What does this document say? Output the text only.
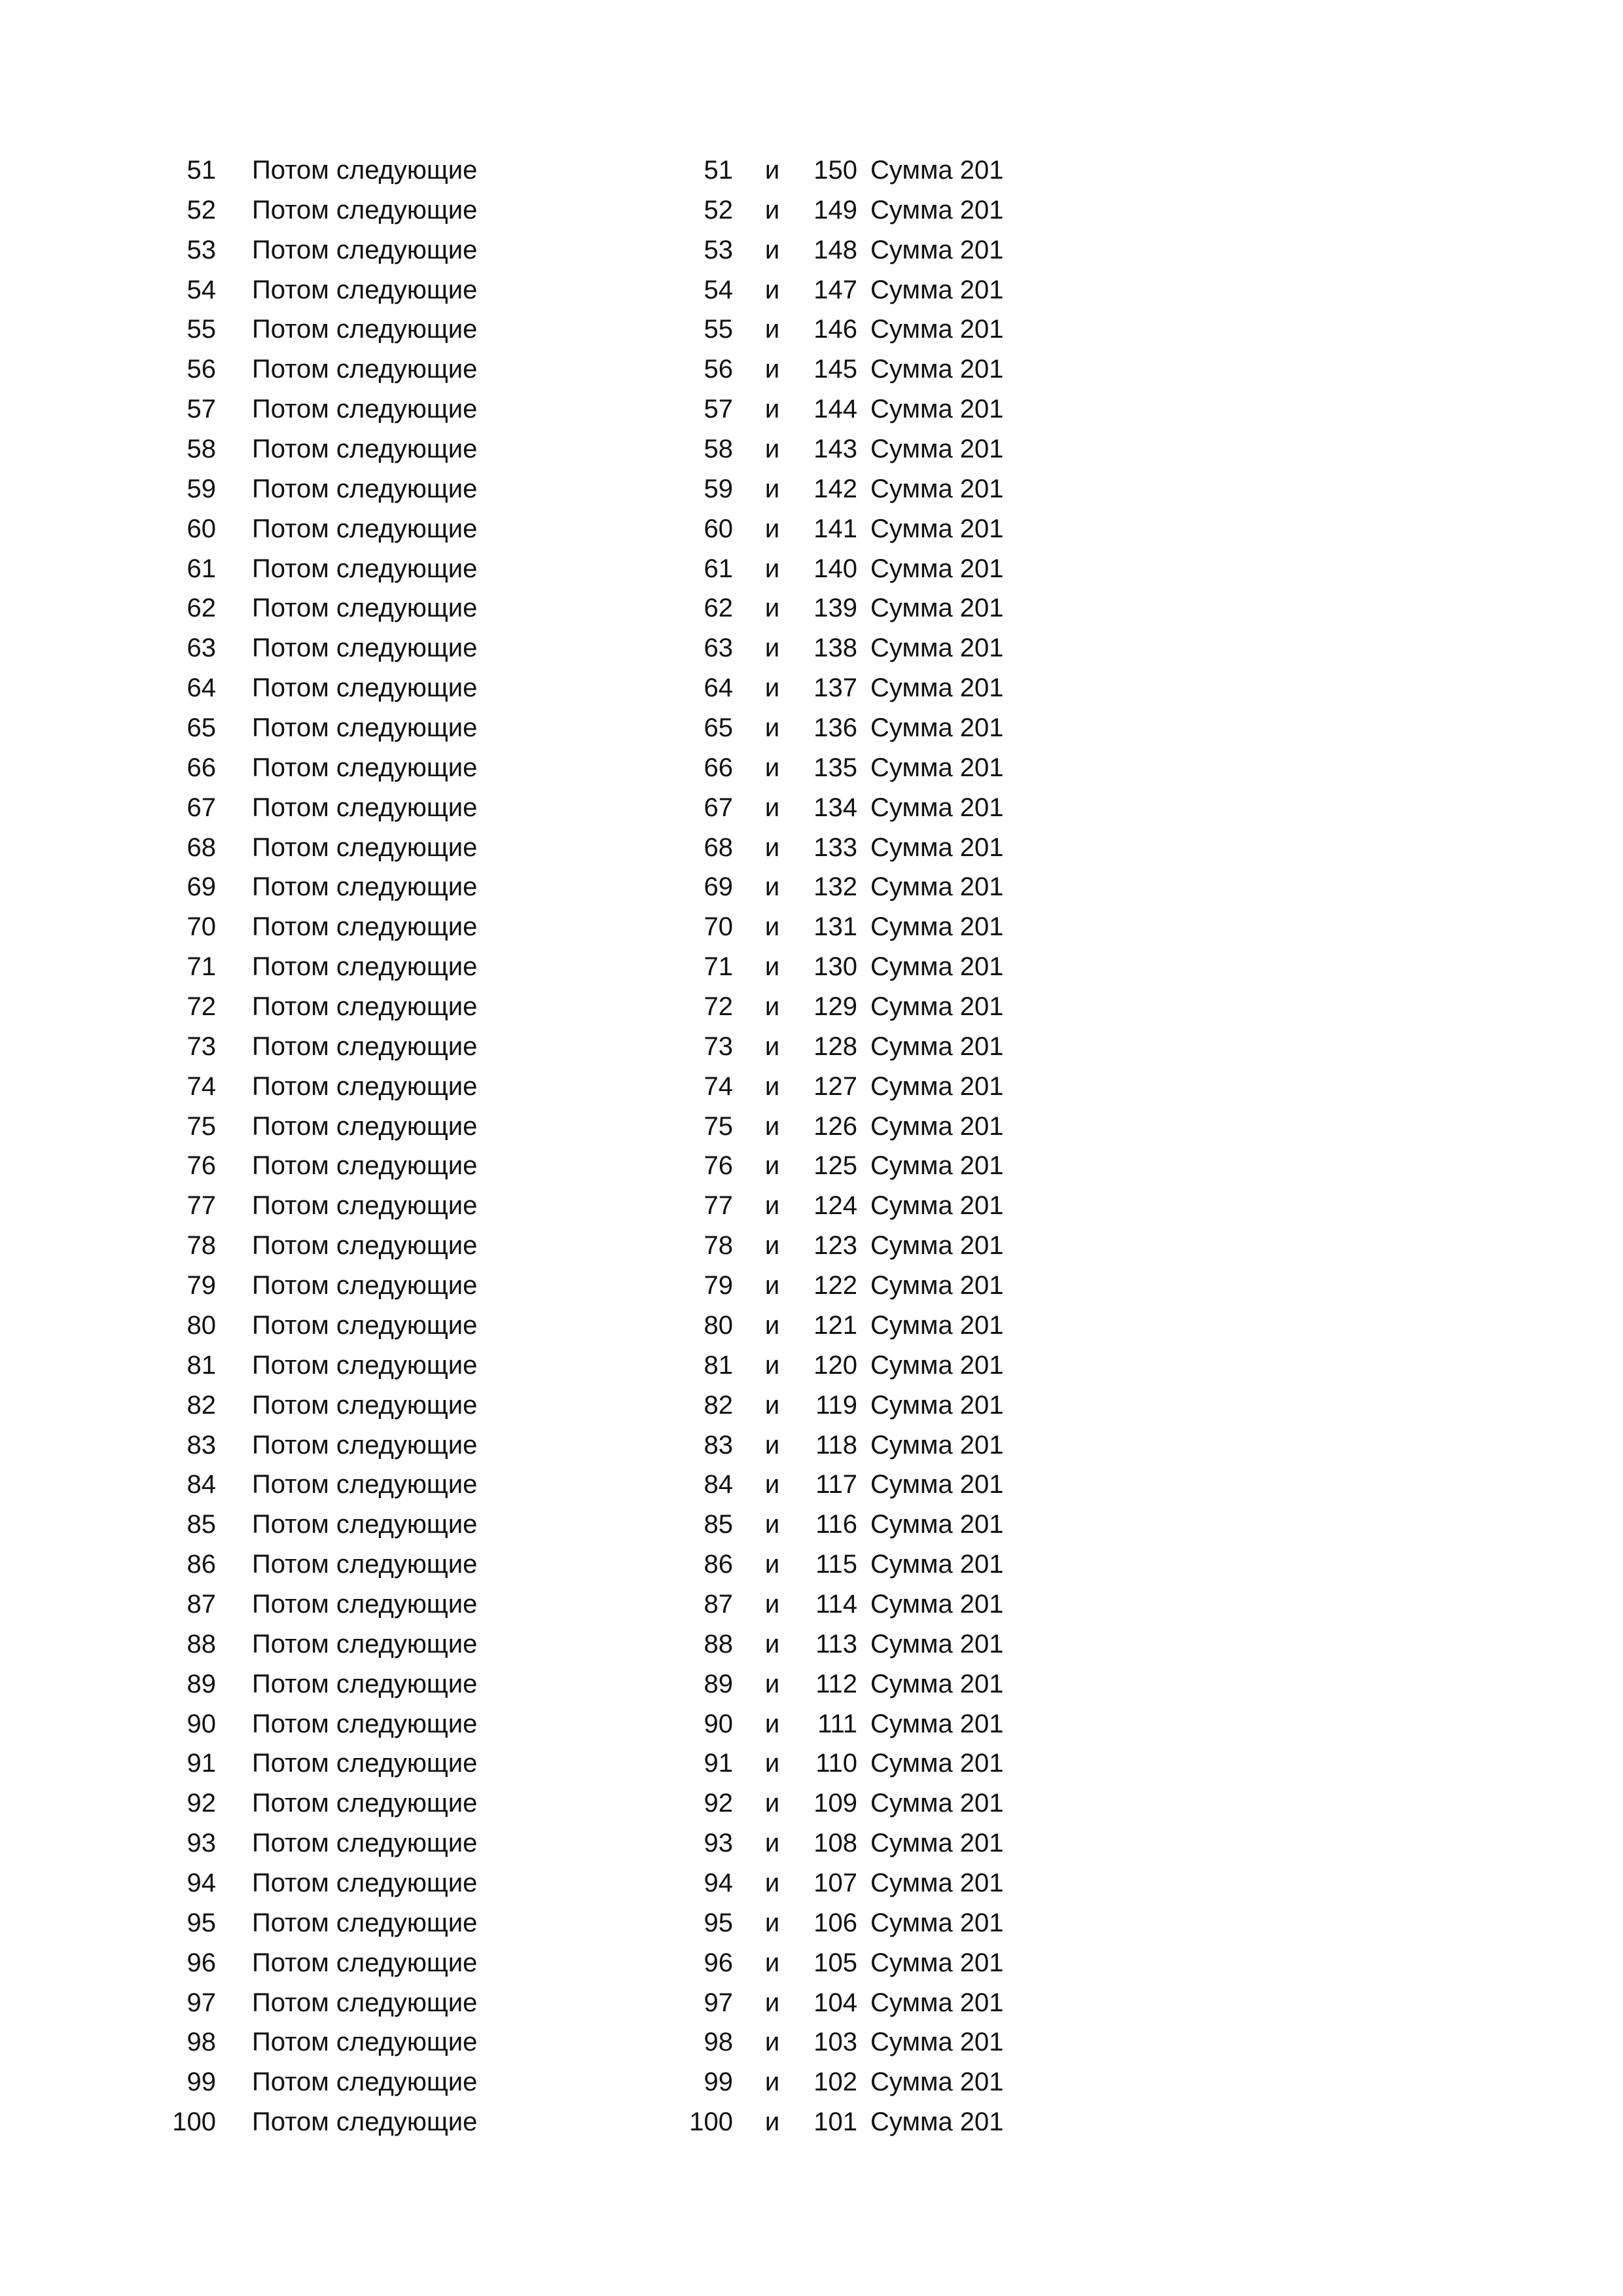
51 Потом следующие	51 и	150 Сумма 201
52 Потом следующие	52 и	149 Сумма 201
53 Потом следующие	53 и	148 Сумма 201
54 Потом следующие	54 и	147 Сумма 201
55 Потом следующие	55 и	146 Сумма 201
56 Потом следующие	56 и	145 Сумма 201
57 Потом следующие	57 и	144 Сумма 201
58 Потом следующие	58 и	143 Сумма 201
59 Потом следующие	59 и	142 Сумма 201
60 Потом следующие	60 и	141 Сумма 201
61 Потом следующие	61 и	140 Сумма 201
62 Потом следующие	62 и	139 Сумма 201
63 Потом следующие	63 и	138 Сумма 201
64 Потом следующие	64 и	137 Сумма 201
65 Потом следующие	65 и	136 Сумма 201
66 Потом следующие	66 и	135 Сумма 201
67 Потом следующие	67 и	134 Сумма 201
68 Потом следующие	68 и	133 Сумма 201
69 Потом следующие	69 и	132 Сумма 201
70 Потом следующие	70 и	131 Сумма 201
71 Потом следующие	71 и	130 Сумма 201
72 Потом следующие	72 и	129 Сумма 201
73 Потом следующие	73 и	128 Сумма 201
74 Потом следующие	74 и	127 Сумма 201
75 Потом следующие	75 и	126 Сумма 201
76 Потом следующие	76 и	125 Сумма 201
77 Потом следующие	77 и	124 Сумма 201
78 Потом следующие	78 и	123 Сумма 201
79 Потом следующие	79 и	122 Сумма 201
80 Потом следующие	80 и	121 Сумма 201
81 Потом следующие	81 и	120 Сумма 201
82 Потом следующие	82 и	119 Сумма 201
83 Потом следующие	83 и	118 Сумма 201
84 Потом следующие	84 и	117 Сумма 201
85 Потом следующие	85 и	116 Сумма 201
86 Потом следующие	86 и	115 Сумма 201
87 Потом следующие	87 и	114 Сумма 201
88 Потом следующие	88 и	113 Сумма 201
89 Потом следующие	89 и	112 Сумма 201
90 Потом следующие	90 и	111 Сумма 201
91 Потом следующие	91 и	110 Сумма 201
92 Потом следующие	92 и	109 Сумма 201
93 Потом следующие	93 и	108 Сумма 201
94 Потом следующие	94 и	107 Сумма 201
95 Потом следующие	95 и	106 Сумма 201
96 Потом следующие	96 и	105 Сумма 201
97 Потом следующие	97 и	104 Сумма 201
98 Потом следующие	98 и	103 Сумма 201
99 Потом следующие	99 и	102 Сумма 201
100 Потом следующие	100 и	101 Сумма 201
